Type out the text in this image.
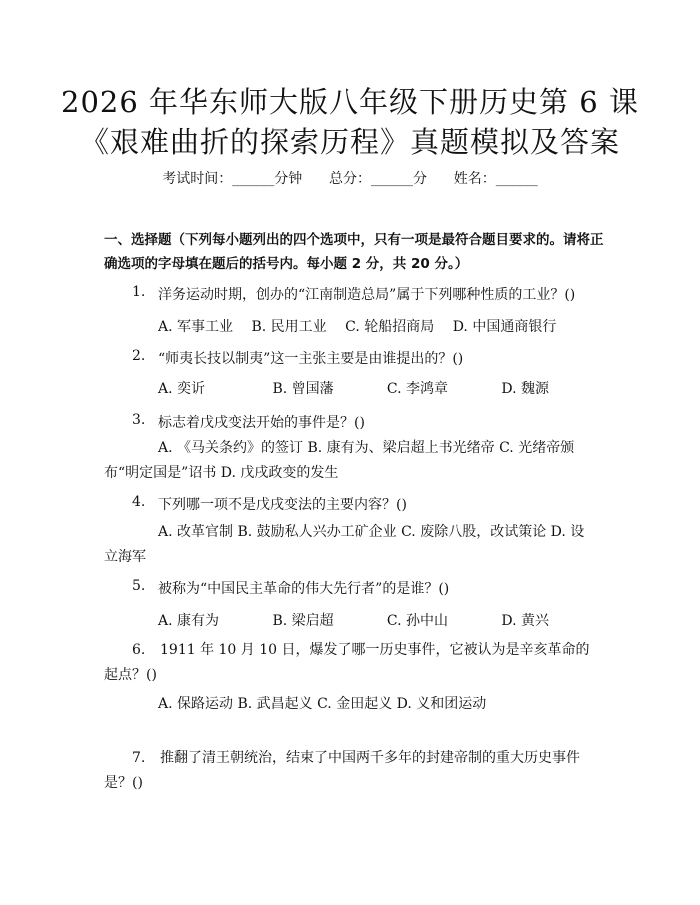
2026 年华东师大版八年级下册历史第 6 课
《艰难曲折的探索历程》真题模拟及答案
考试时间：______分钟      总分：______分      姓名：______
一、选择题（下列每小题列出的四个选项中，只有一项是最符合题目要求的。请将正确选项的字母填在题后的括号内。每小题 2 分，共 20 分。）
1. 洋务运动时期，创办的“江南制造总局”属于下列哪种性质的工业？()
A. 军事工业 B. 民用工业 C. 轮船招商局 D. 中国通商银行
2. “师夷长技以制夷”这一主张主要是由谁提出的？()
A. 奕䜣	B. 曾国藩	C. 李鸿章	D. 魏源
3. 标志着戊戌变法开始的事件是？()
A. 《马关条约》的签订 B. 康有为、梁启超上书光绪帝 C. 光绪帝颁布“明定国是”诏书 D. 戊戌政变的发生
4. 下列哪一项不是戊戌变法的主要内容？()
A. 改革官制 B. 鼓励私人兴办工矿企业 C. 废除八股，改试策论 D. 设立海军
5. 被称为“中国民主革命的伟大先行者”的是谁？()
A. 康有为	B. 梁启超	C. 孙中山	D. 黄兴
6. 1911 年 10 月 10 日，爆发了哪一历史事件，它被认为是辛亥革命的起点？()
A. 保路运动 B. 武昌起义 C. 金田起义 D. 义和团运动
7. 推翻了清王朝统治，结束了中国两千多年的封建帝制的重大历史事件是？()
